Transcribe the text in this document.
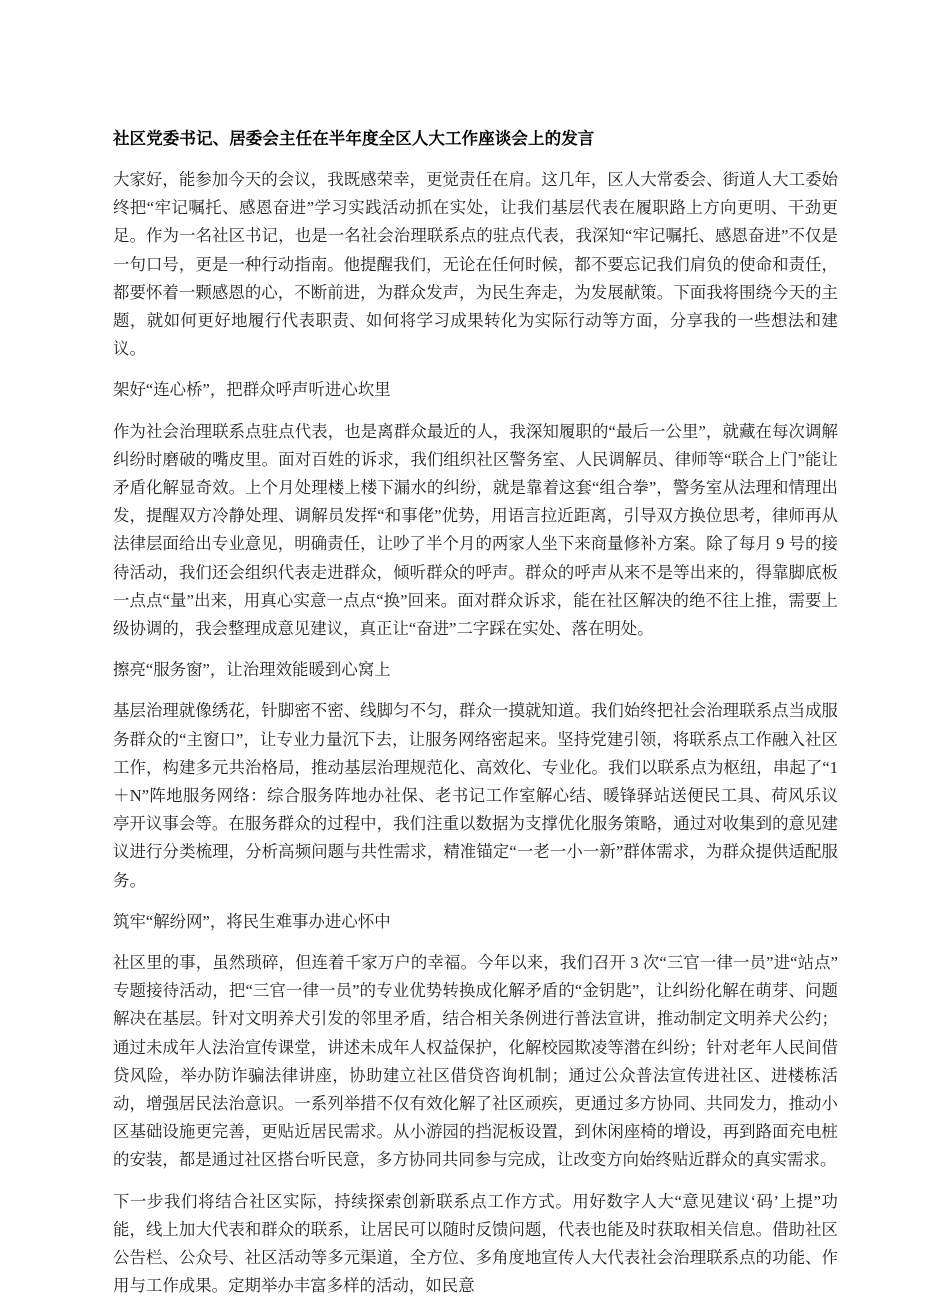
社区党委书记、居委会主任在半年度全区人大工作座谈会上的发言

大家好，能参加今天的会议，我既感荣幸，更觉责任在肩。这几年，区人大常委会、街道人大工委始终把“牢记嘱托、感恩奋进”学习实践活动抓在实处，让我们基层代表在履职路上方向更明、干劲更足。作为一名社区书记，也是一名社会治理联系点的驻点代表，我深知“牢记嘱托、感恩奋进”不仅是一句口号，更是一种行动指南。他提醒我们，无论在任何时候，都不要忘记我们肩负的使命和责任，都要怀着一颗感恩的心，不断前进，为群众发声，为民生奔走，为发展献策。下面我将围绕今天的主题，就如何更好地履行代表职责、如何将学习成果转化为实际行动等方面，分享我的一些想法和建议。

架好“连心桥”，把群众呼声听进心坎里

作为社会治理联系点驻点代表，也是离群众最近的人，我深知履职的“最后一公里”，就藏在每次调解纠纷时磨破的嘴皮里。面对百姓的诉求，我们组织社区警务室、人民调解员、律师等“联合上门”能让矛盾化解显奇效。上个月处理楼上楼下漏水的纠纷，就是靠着这套“组合拳”，警务室从法理和情理出发，提醒双方冷静处理、调解员发挥“和事佬”优势，用语言拉近距离，引导双方换位思考，律师再从法律层面给出专业意见，明确责任，让吵了半个月的两家人坐下来商量修补方案。除了每月 9 号的接待活动，我们还会组织代表走进群众，倾听群众的呼声。群众的呼声从来不是等出来的，得靠脚底板一点点“量”出来，用真心实意一点点“换”回来。面对群众诉求，能在社区解决的绝不往上推，需要上级协调的，我会整理成意见建议，真正让“奋进”二字踩在实处、落在明处。

擦亮“服务窗”，让治理效能暖到心窝上

基层治理就像绣花，针脚密不密、线脚匀不匀，群众一摸就知道。我们始终把社会治理联系点当成服务群众的“主窗口”，让专业力量沉下去，让服务网络密起来。坚持党建引领，将联系点工作融入社区工作，构建多元共治格局，推动基层治理规范化、高效化、专业化。我们以联系点为枢纽，串起了“1＋N”阵地服务网络：综合服务阵地办社保、老书记工作室解心结、暖锋驿站送便民工具、荷风乐议亭开议事会等。在服务群众的过程中，我们注重以数据为支撑优化服务策略，通过对收集到的意见建议进行分类梳理，分析高频问题与共性需求，精准锚定“一老一小一新”群体需求，为群众提供适配服务。

筑牢“解纷网”，将民生难事办进心怀中

社区里的事，虽然琐碎，但连着千家万户的幸福。今年以来，我们召开 3 次“三官一律一员”进“站点”专题接待活动，把“三官一律一员”的专业优势转换成化解矛盾的“金钥匙”，让纠纷化解在萌芽、问题解决在基层。针对文明养犬引发的邻里矛盾，结合相关条例进行普法宣讲，推动制定文明养犬公约；通过未成年人法治宣传课堂，讲述未成年人权益保护，化解校园欺凌等潜在纠纷；针对老年人民间借贷风险，举办防诈骗法律讲座，协助建立社区借贷咨询机制；通过公众普法宣传进社区、进楼栋活动，增强居民法治意识。一系列举措不仅有效化解了社区顽疾，更通过多方协同、共同发力，推动小区基础设施更完善，更贴近居民需求。从小游园的挡泥板设置，到休闲座椅的增设，再到路面充电桩的安装，都是通过社区搭台听民意，多方协同共同参与完成，让改变方向始终贴近群众的真实需求。

下一步我们将结合社区实际，持续探索创新联系点工作方式。用好数字人大“意见建议‘码’上提”功能，线上加大代表和群众的联系，让居民可以随时反馈问题，代表也能及时获取相关信息。借助社区公告栏、公众号、社区活动等多元渠道，全方位、多角度地宣传人大代表社会治理联系点的功能、作用与工作成果。定期举办丰富多样的活动，如民意
